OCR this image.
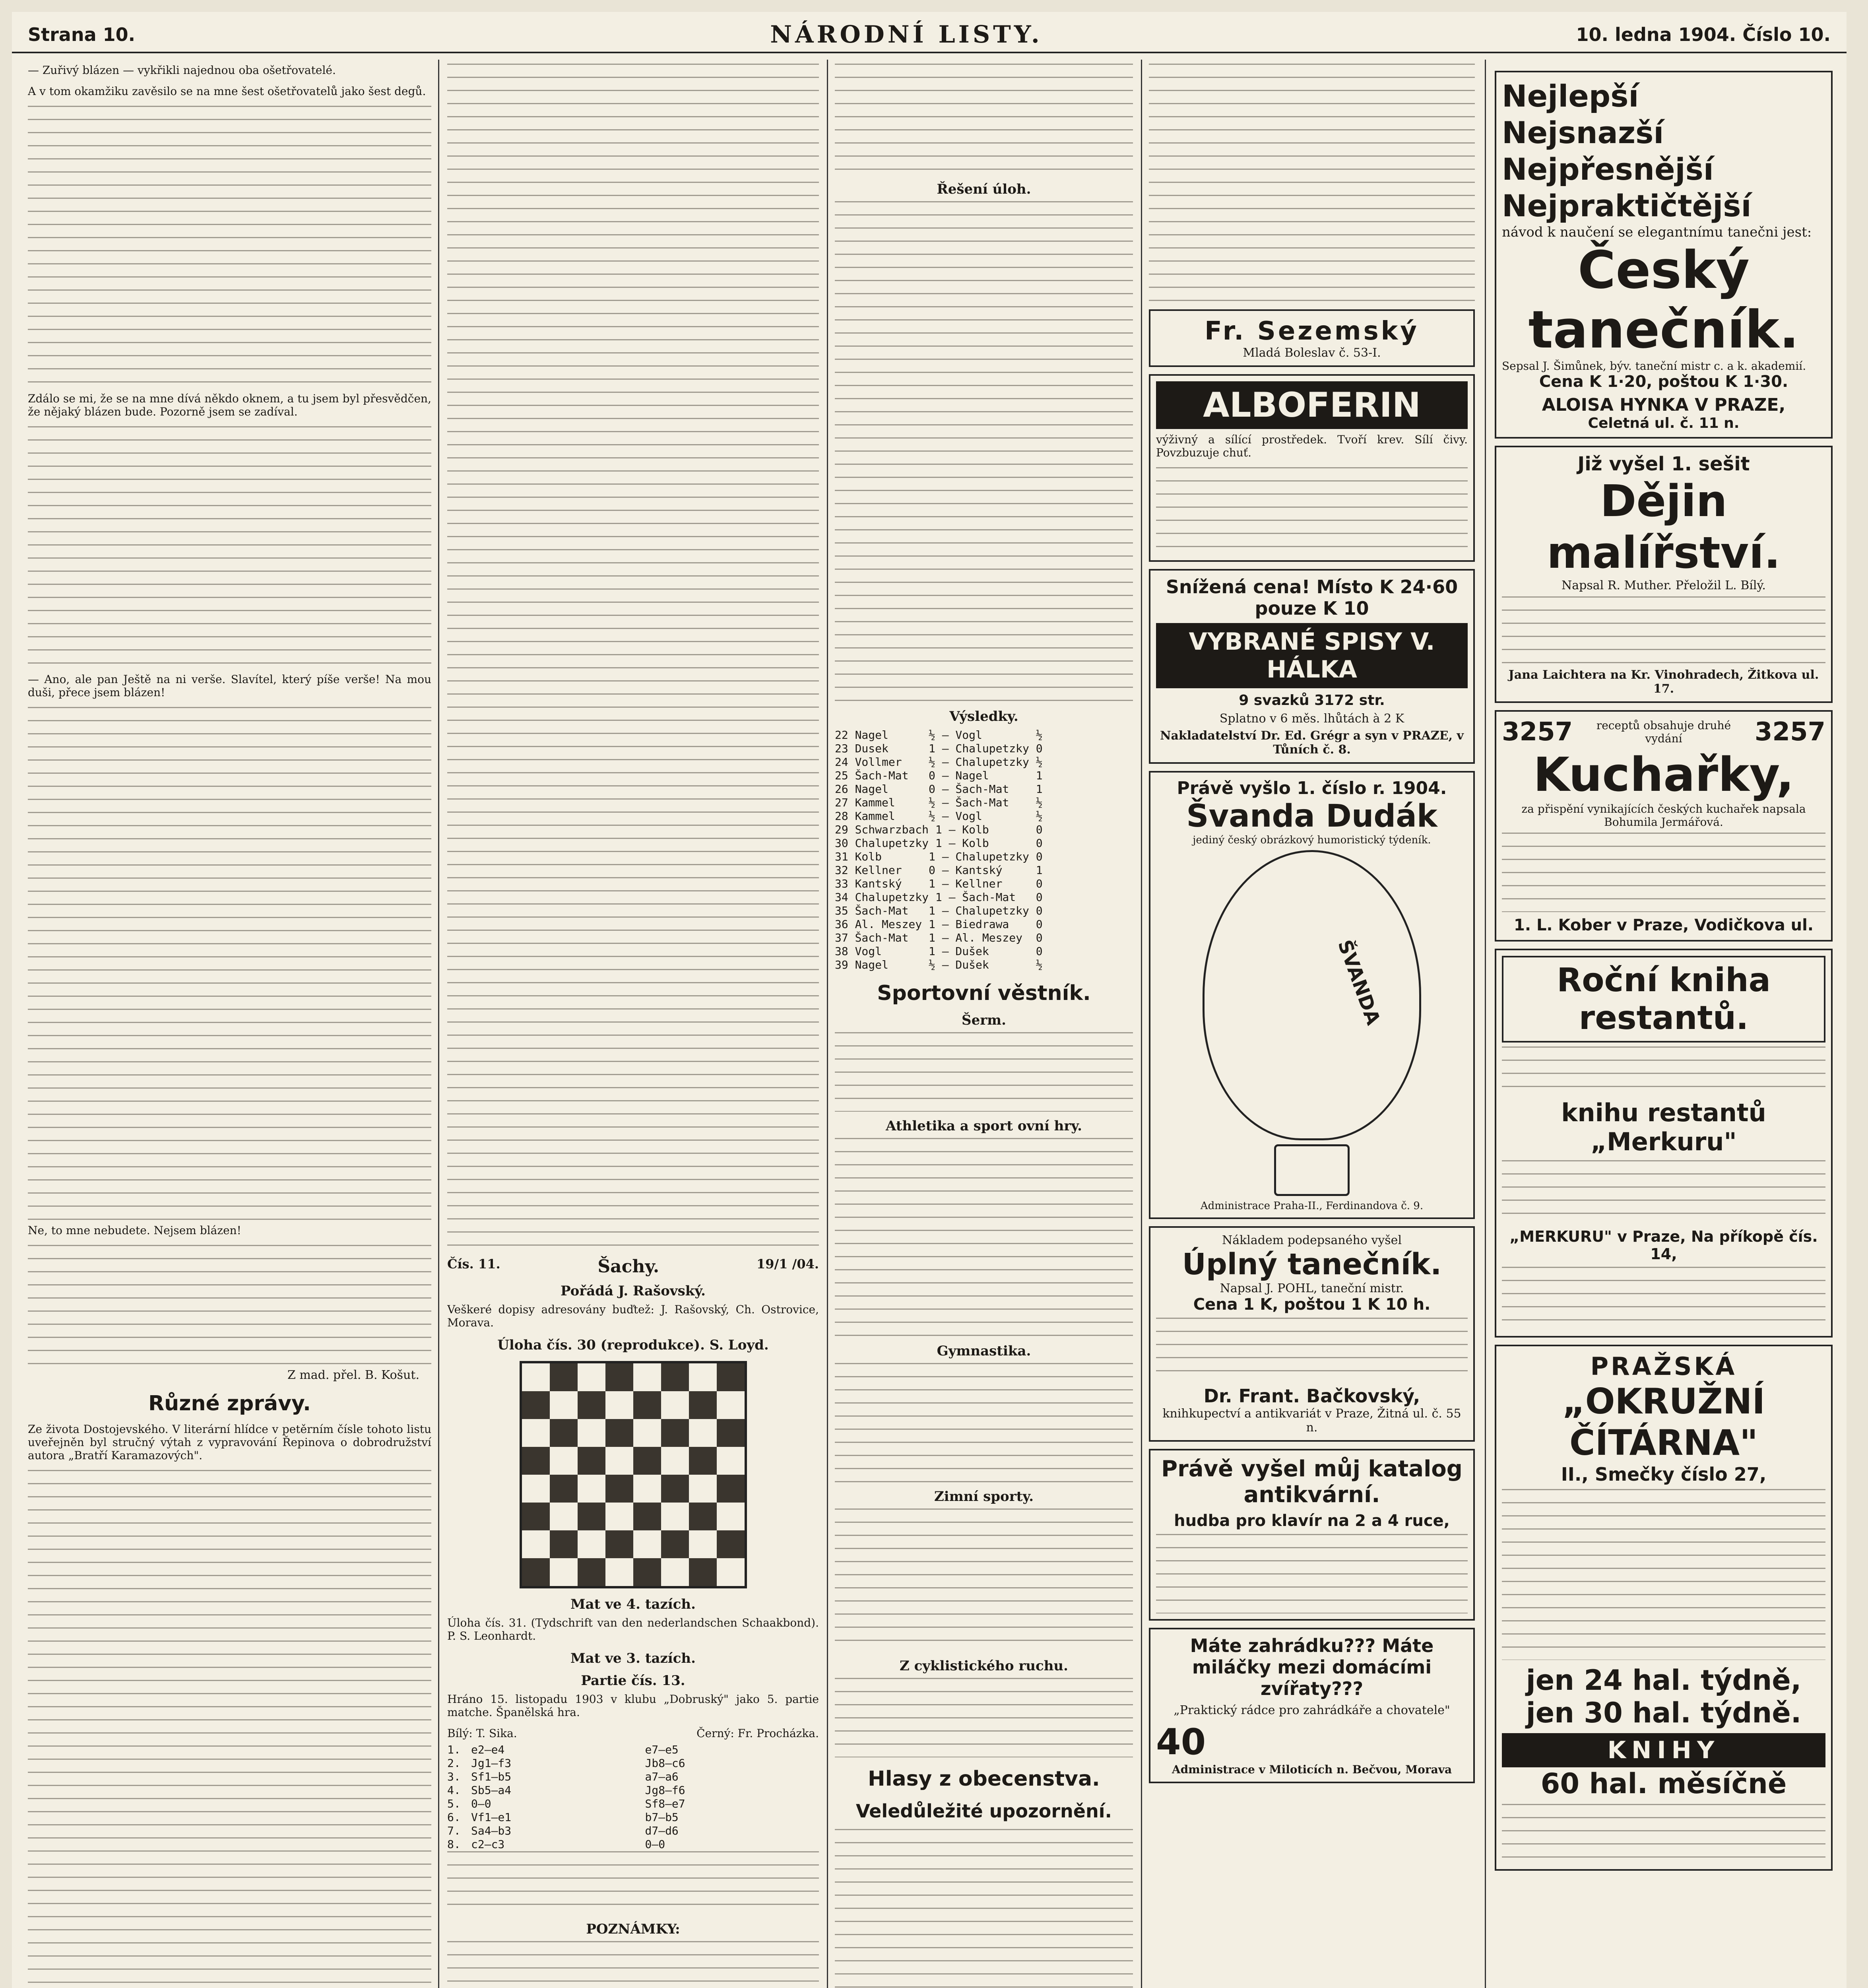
Strana 10.	NÁRODNÍ LISTY.	10. ledna 1904. Číslo 10.

— Zuřivý blázen — vykřikli najednou oba ošetřovatelé.

A v tom okamžiku zavěsilo se na mne šest ošetřovatelů jako šest degů.

Zdálo se mi, že se na mne dívá někdo oknem, a tu jsem byl přesvědčen, že nějaký blázen bude. Pozorně jsem se zadíval.

— Ano, ale pan Ještě na ni verše. Slavítel, který píše verše! Na mou duši, přece jsem blázen!

Ne, to mne nebudete. Nejsem blázen!

Z mad. přel. B. Košut.
Různé zprávy.

Ze života Dostojevského. V literární hlídce v petěrním čísle tohoto listu uveřejněn byl stručný výtah z vypravování Řepinova o dobrodružství autora „Bratří Karamazových".

Čís. 11.	Šachy.	19/1 /04.
Pořádá J. Rašovský.

Veškeré dopisy adresovány buďtež: J. Rašovský, Ch. Ostrovice, Morava.

Úloha čís. 30 (reprodukce). S. Loyd.
Mat ve 4. tazích.

Úloha čís. 31. (Tydschrift van den nederlandschen Schaakbond). P. S. Leonhardt.

Mat ve 3. tazích.
Partie čís. 13.

Hráno 15. listopadu 1903 v klubu „Dobruský" jako 5. partie matche. Španělská hra.

Bílý: T. Sika.	Černý: Fr. Procházka.
1. e2—e4	e7—e5
2. Jg1—f3	Jb8—c6
3. Sf1—b5	a7—a6
4. Sb5—a4	Jg8—f6
5. 0—0	Sf8—e7
6. Vf1—e1	b7—b5
7. Sa4—b3	d7—d6
8. c2—c3	0—0
POZNÁMKY:
Řešení úloh.
Výsledky.
22 Nagel      ½ — Vogl        ½
23 Dusek      1 — Chalupetzky 0
24 Vollmer    ½ — Chalupetzky ½
25 Šach-Mat   0 — Nagel       1
26 Nagel      0 — Šach-Mat    1
27 Kammel     ½ — Šach-Mat    ½
28 Kammel     ½ — Vogl        ½
29 Schwarzbach 1 — Kolb       0
30 Chalupetzky 1 — Kolb       0
31 Kolb       1 — Chalupetzky 0
32 Kellner    0 — Kantský     1
33 Kantský    1 — Kellner     0
34 Chalupetzky 1 — Šach-Mat   0
35 Šach-Mat   1 — Chalupetzky 0
36 Al. Meszey 1 — Biedrawa    0
37 Šach-Mat   1 — Al. Meszey  0
38 Vogl       1 — Dušek       0
39 Nagel      ½ — Dušek       ½
Sportovní věstník.
Šerm.
Athletika a sport ovní hry.
Gymnastika.
Zimní sporty.
Z cyklistického ruchu.
Hlasy z obecenstva.
Veledůležité upozornění.
Fr. Sezemský
Mladá Boleslav č. 53-I.
ALBOFERIN

výživný a sílící prostředek. Tvoří krev. Sílí čivy. Povzbuzuje chuť.

Snížená cena! Místo K 24·60 pouze K 10
VYBRANÉ SPISY V. HÁLKA
9 svazků 3172 str.
Splatno v 6 měs. lhůtách à 2 K
Nakladatelství Dr. Ed. Grégr a syn v PRAZE, v Tůních č. 8.
Právě vyšlo 1. číslo r. 1904.
Švanda Dudák
jediný český obrázkový humoristický týdeník.
ŠVANDA
Administrace Praha-II., Ferdinandova č. 9.
Nákladem podepsaného vyšel
Úplný tanečník.
Napsal J. POHL, taneční mistr.
Cena 1 K, poštou 1 K 10 h.
Dr. Frant. Bačkovský,
knihkupectví a antikvariát v Praze, Žitná ul. č. 55 n.
Právě vyšel můj katalog antikvární.
hudba pro klavír na 2 a 4 ruce,
Máte zahrádku??? Máte miláčky mezi domácími zvířaty???
„Praktický rádce pro zahrádkáře a chovatele"
40
Administrace v Miloticích n. Bečvou, Morava
Nejlepší
Nejsnazší
Nejpřesnější
Nejpraktičtější
návod k naučení se elegantnímu tanečni jest:
Český tanečník.
Sepsal J. Šimůnek, býv. taneční mistr c. a k. akademií.
Cena K 1·20, poštou K 1·30.
ALOISA HYNKA V PRAZE,
Celetná ul. č. 11 n.
Již vyšel 1. sešit
Dějin malířství.
Napsal R. Muther. Přeložil L. Bílý.
Jana Laichtera na Kr. Vinohradech, Žitkova ul. 17.
3257	receptů obsahuje druhé vydání	3257
Kuchařky,
za přispění vynikajících českých kuchařek napsala Bohumila Jermářová.
1. L. Kober v Praze, Vodičkova ul.
Roční kniha restantů.
knihu restantů „Merkuru"
„MERKURU" v Praze, Na příkopě čís. 14,
PRAŽSKÁ
„OKRUŽNÍ ČÍTÁRNA"
II., Smečky číslo 27,
jen 24 hal. týdně,
jen 30 hal. týdně.
KNIHY
60 hal. měsíčně
